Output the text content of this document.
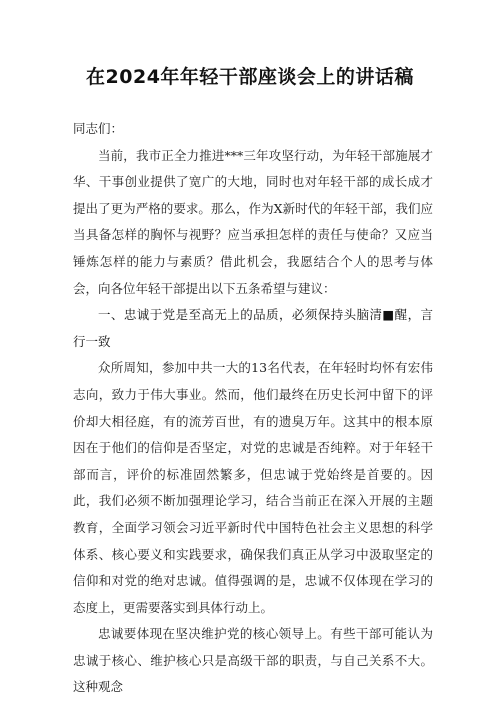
在2024年年轻干部座谈会上的讲话稿

同志们：

当前，我市正全力推进***三年攻坚行动，为年轻干部施展才华、干事创业提供了宽广的大地，同时也对年轻干部的成长成才提出了更为严格的要求。那么，作为X新时代的年轻干部，我们应当具备怎样的胸怀与视野？应当承担怎样的责任与使命？又应当锤炼怎样的能力与素质？借此机会，我愿结合个人的思考与体会，向各位年轻干部提出以下五条希望与建议：

一、忠诚于党是至高无上的品质，必须保持头脑清■醒，言行一致

众所周知，参加中共一大的13名代表，在年轻时均怀有宏伟志向，致力于伟大事业。然而，他们最终在历史长河中留下的评价却大相径庭，有的流芳百世，有的遗臭万年。这其中的根本原因在于他们的信仰是否坚定，对党的忠诚是否纯粹。对于年轻干部而言，评价的标准固然繁多，但忠诚于党始终是首要的。因此，我们必须不断加强理论学习，结合当前正在深入开展的主题教育，全面学习领会习近平新时代中国特色社会主义思想的科学体系、核心要义和实践要求，确保我们真正从学习中汲取坚定的信仰和对党的绝对忠诚。值得强调的是，忠诚不仅体现在学习的态度上，更需要落实到具体行动上。

忠诚要体现在坚决维护党的核心领导上。有些干部可能认为忠诚于核心、维护核心只是高级干部的职责，与自己关系不大。这种观念
